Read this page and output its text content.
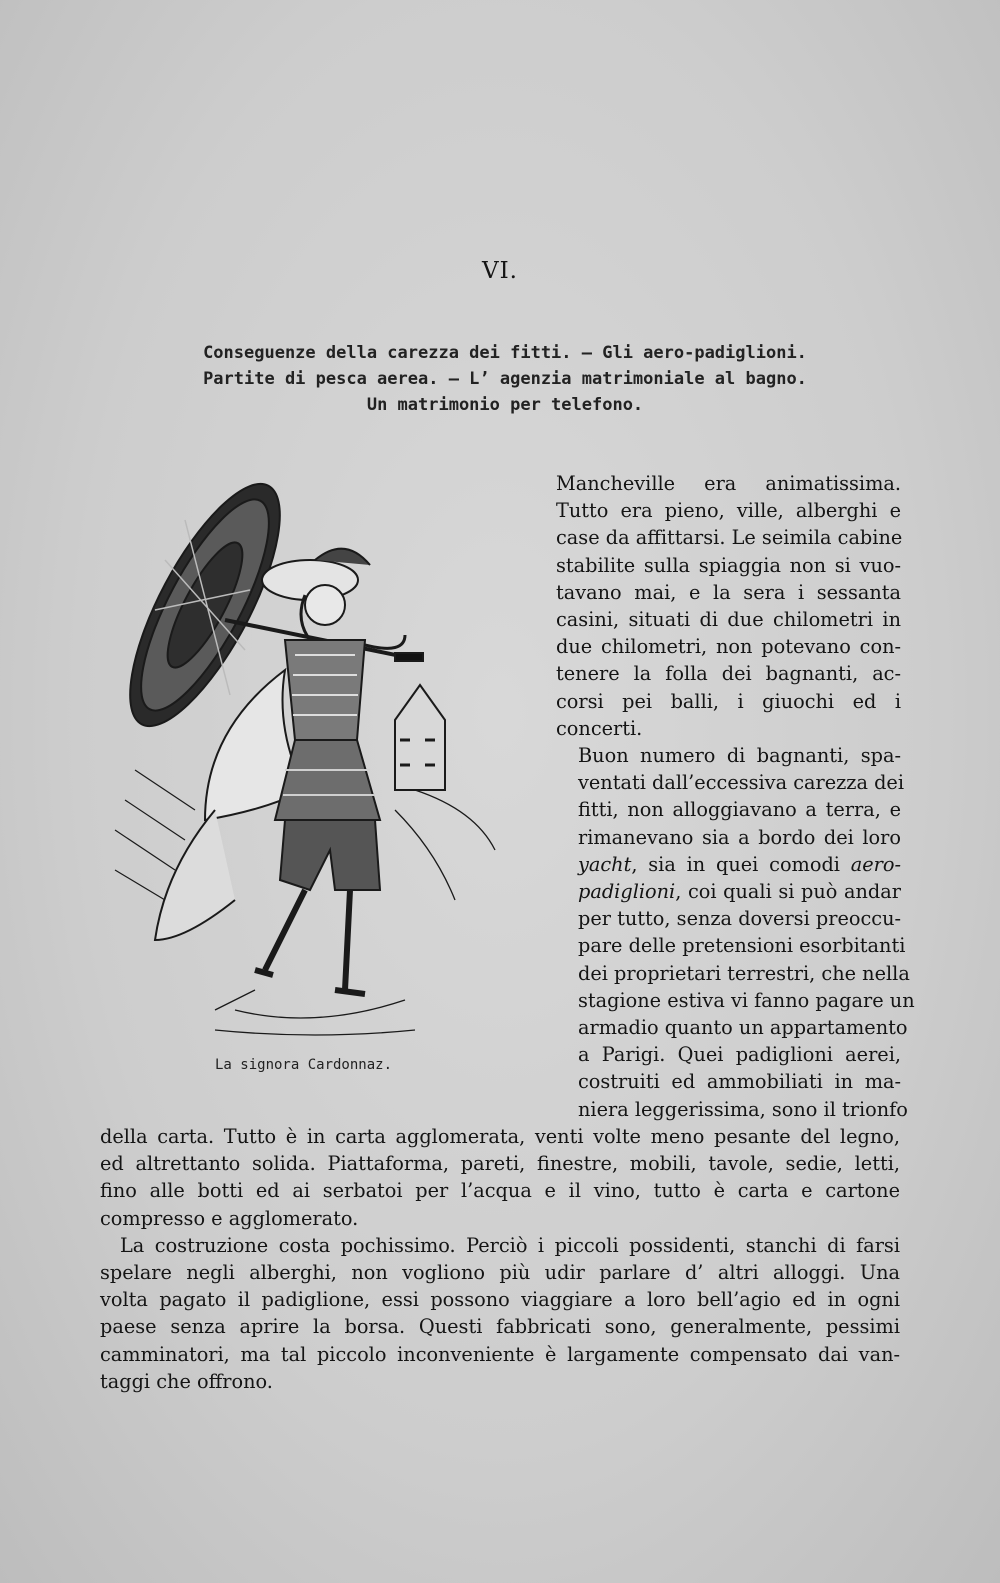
VI.
Conseguenze della carezza dei fitti. — Gli aero-padiglioni.
Partite di pesca aerea. — L’ agenzia matrimoniale al bagno.
Un matrimonio per telefono.
La signora Cardonnaz.

Mancheville era animatissima.
Tutto era pieno, ville, alberghi e
case da affittarsi. Le seimila cabine
stabilite sulla spiaggia non si vuo-
tavano mai, e la sera i sessanta
casini, situati di due chilometri in
due chilometri, non potevano con-
tenere la folla dei bagnanti, ac-
corsi pei balli, i giuochi ed i
concerti.

Buon numero di bagnanti, spa-
ventati dall’eccessiva carezza dei
fitti, non alloggiavano a terra, e
rimanevano sia a bordo dei loro
yacht, sia in quei comodi aero-
padiglioni, coi quali si può andar
per tutto, senza doversi preoccu-
pare delle pretensioni esorbitanti
dei proprietari terrestri, che nella
stagione estiva vi fanno pagare un
armadio quanto un appartamento
a Parigi. Quei padiglioni aerei,
costruiti ed ammobiliati in ma-
niera leggerissima, sono il trionfo

della carta. Tutto è in carta agglomerata, venti volte meno pesante del legno,
ed altrettanto solida. Piattaforma, pareti, finestre, mobili, tavole, sedie, letti,
fino alle botti ed ai serbatoi per l’acqua e il vino, tutto è carta e cartone
compresso e agglomerato.

La costruzione costa pochissimo. Perciò i piccoli possidenti, stanchi di farsi
spelare negli alberghi, non vogliono più udir parlare d’ altri alloggi. Una
volta pagato il padiglione, essi possono viaggiare a loro bell’agio ed in ogni
paese senza aprire la borsa. Questi fabbricati sono, generalmente, pessimi
camminatori, ma tal piccolo inconveniente è largamente compensato dai van-
taggi che offrono.
